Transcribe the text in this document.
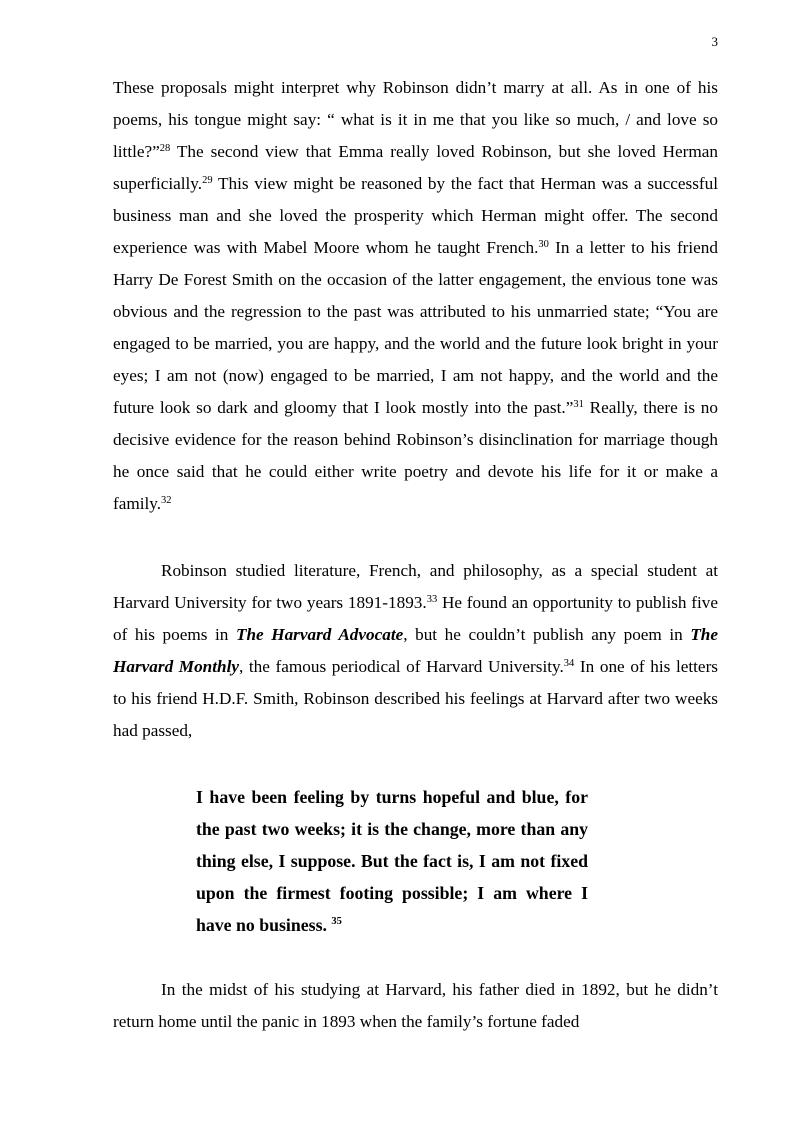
3

These proposals might interpret why Robinson didn’t marry at all. As in one of his poems, his tongue might say: “ what is it in me that you like so much, / and love so little?”$^{28}$ The second view that Emma really loved Robinson, but she loved Herman superficially.$^{29}$ This view might be reasoned by the fact that Herman was a successful business man and she loved the prosperity which Herman might offer. The second experience was with Mabel Moore whom he taught French.$^{30}$ In a letter to his friend Harry De Forest Smith on the occasion of the latter engagement, the envious tone was obvious and the regression to the past was attributed to his unmarried state; “You are engaged to be married, you are happy, and the world and the future look bright in your eyes; I am not (now) engaged to be married, I am not happy, and the world and the future look so dark and gloomy that I look mostly into the past.”$^{31}$ Really, there is no decisive evidence for the reason behind Robinson’s disinclination for marriage though he once said that he could either write poetry and devote his life for it or make a family.$^{32}$

Robinson studied literature, French, and philosophy, as a special student at Harvard University for two years 1891-1893.33 He found an opportunity to publish five of his poems in The Harvard Advocate, but he couldn’t publish any poem in The Harvard Monthly, the famous periodical of Harvard University.$^{34}$ In one of his letters to his friend H.D.F. Smith, Robinson described his feelings at Harvard after two weeks had passed,

I have been feeling by turns hopeful and blue, for the past two weeks; it is the change, more than any thing else, I suppose. But the fact is, I am not fixed upon the firmest footing possible; I am where I have no business. $^{35}$

In the midst of his studying at Harvard, his father died in 1892, but he didn’t return home until the panic in 1893 when the family’s fortune faded
